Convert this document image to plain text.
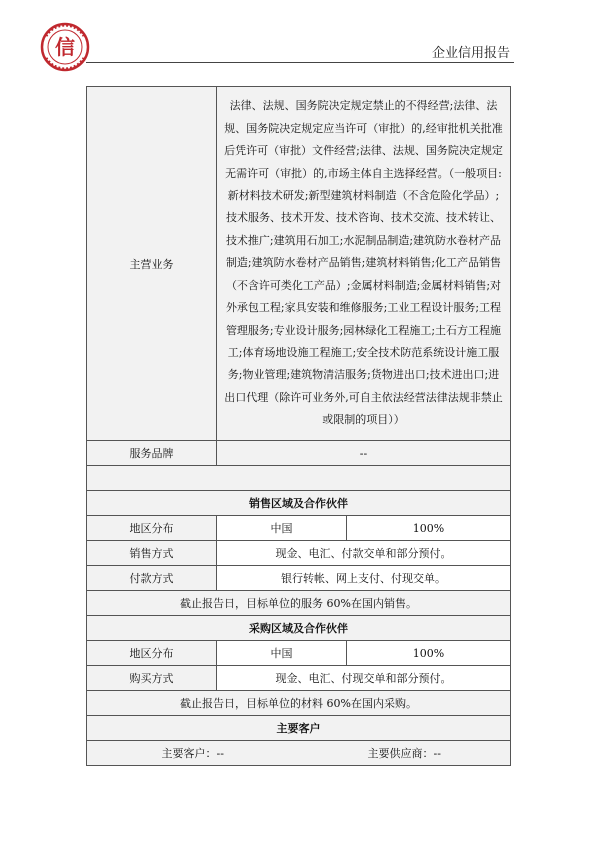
信	企业信用报告
主营业务	法律、法规、国务院决定规定禁止的不得经营;法律、法规、国务院决定规定应当许可（审批）的,经审批机关批准后凭许可（审批）文件经营;法律、法规、国务院决定规定无需许可（审批）的,市场主体自主选择经营。（一般项目:新材料技术研发;新型建筑材料制造（不含危险化学品）;技术服务、技术开发、技术咨询、技术交流、技术转让、技术推广;建筑用石加工;水泥制品制造;建筑防水卷材产品制造;建筑防水卷材产品销售;建筑材料销售;化工产品销售（不含许可类化工产品）;金属材料制造;金属材料销售;对外承包工程;家具安装和维修服务;工业工程设计服务;工程管理服务;专业设计服务;园林绿化工程施工;土石方工程施工;体育场地设施工程施工;安全技术防范系统设计施工服务;物业管理;建筑物清洁服务;货物进出口;技术进出口;进出口代理（除许可业务外,可自主依法经营法律法规非禁止或限制的项目））	
服务品牌	--	

销售区域及合作伙伴		
地区分布	中国	100%
销售方式	现金、电汇、付款交单和部分预付。	
付款方式	银行转帐、网上支付、付现交单。	
截止报告日，目标单位的服务 60%在国内销售。		
采购区域及合作伙伴		
地区分布	中国	100%
购买方式	现金、电汇、付现交单和部分预付。	
截止报告日，目标单位的材料 60%在国内采购。		
主要客户		
主要客户：-- 主要供应商：--		
